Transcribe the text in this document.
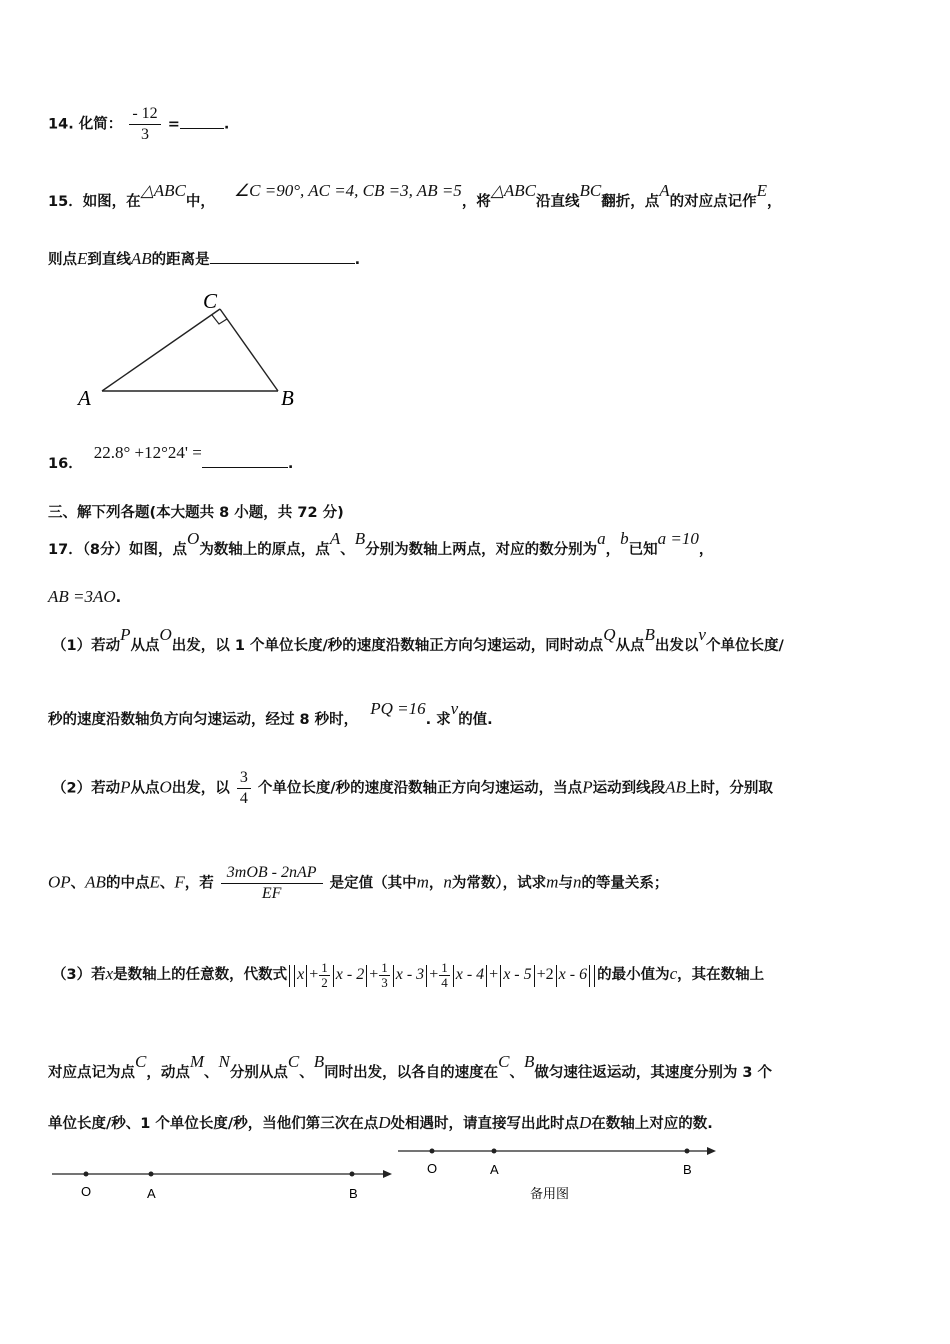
14. 化简： $\frac{- 12}{3}$ =	.
15．如图，在△ABC中， ∠C =90°, AC =4, CB =3, AB =5，将△ABC沿直线BC翻折，点A的对应点记作E，
则点E到直线AB的距离是	.
A	B
C
16． 22.8° +12°24' =.
三、解下列各题(本大题共 8 小题，共 72 分)
17．（8分）如图，点O为数轴上的原点，点A、B分别为数轴上两点，对应的数分别为a，b已知a =10，
AB =3AO.
（1）若动P从点O出发，以 1 个单位长度/秒的速度沿数轴正方向匀速运动，同时动点Q从点B出发以v个单位长度/
秒的速度沿数轴负方向匀速运动，经过 8 秒时，PQ =16. 求v的值.
（2）若动P从点O出发，以 $\frac{3}{4}$ 个单位长度/秒的速度沿数轴正方向匀速运动，当点P运动到线段AB上时，分别取
OP、AB的中点E、F，若 $\frac{\text{3mOB - 2nAP}}{EF}$ 是定值（其中m，n为常数），试求m与n的等量关系；
（3）若x是数轴上的任意数，代数式 $x + \frac{1}{2}$ $x - 2 + \frac{1}{3}$ $x - 3 + \frac{1}{4}$ x - 4 + x - 5 +2 x - 6 的最小值为c，其在数轴上
对应点记为点C，动点M、N分别从点C、B同时出发，以各自的速度在C、B做匀速往返运动，其速度分别为 3 个
单位长度/秒、1 个单位长度/秒，当他们第三次在点D处相遇时，请直接写出此时点D在数轴上对应的数.
O	A	B
O	A	B
备用图
